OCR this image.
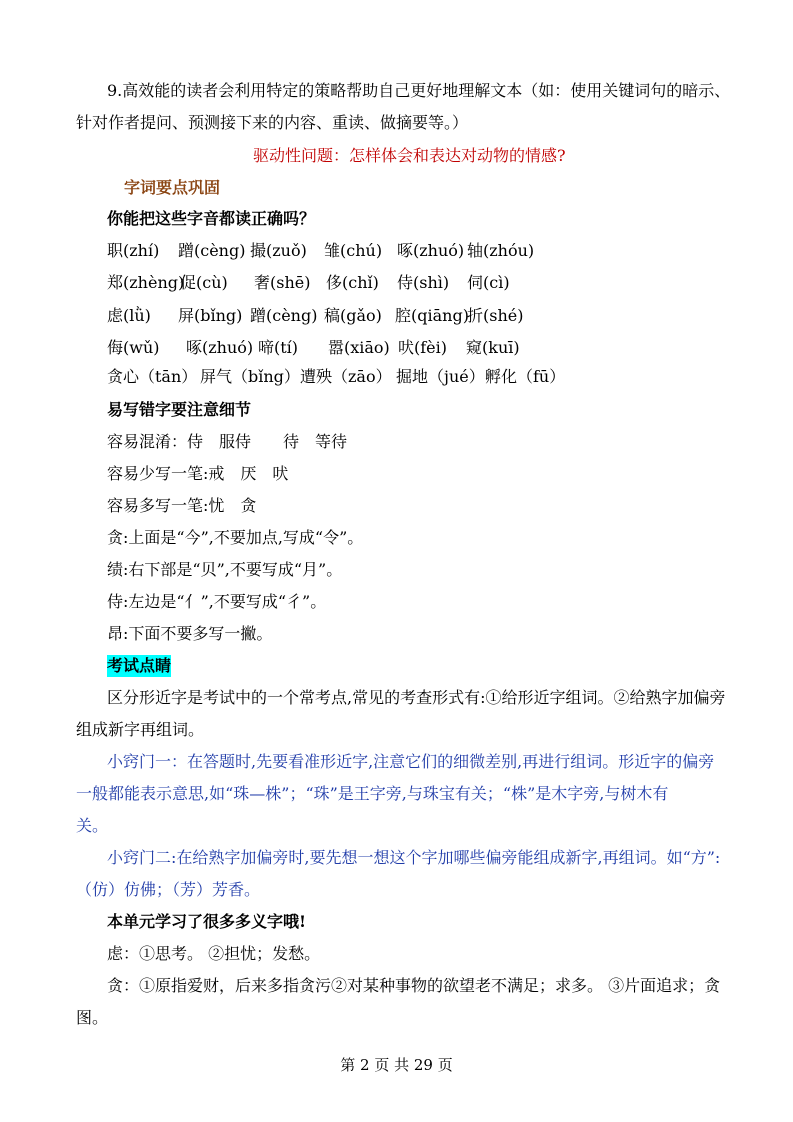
9.高效能的读者会利用特定的策略帮助自己更好地理解文本（如：使用关键词句的暗示、
针对作者提问、预测接下来的内容、重读、做摘要等。）
驱动性问题：怎样体会和表达对动物的情感?
字词要点巩固
你能把这些字音都读正确吗？
职(zhí) 蹭(cèng) 撮(zuǒ) 雏(chú) 啄(zhuó) 轴(zhóu)
郑(zhèng)
促(cù) 奢(shē) 侈(chǐ) 侍(shì) 伺(cì)
虑(lǜ) 屏(bǐng) 蹭(cèng) 稿(gǎo) 腔(qiāng)
折(shé)
侮(wǔ) 啄(zhuó) 啼(tí) 嚣(xiāo) 吠(fèi) 窥(kuī)
贪心（tān） 屏气（bǐng） 遭殃（zāo） 掘地（jué） 孵化（fū）
易写错字要注意细节
容易混淆：侍　服侍　　待　等待
容易少写一笔:戒　厌　吠
容易多写一笔:忧　贪
贪:上面是“今”,不要加点,写成“令”。
绩:右下部是“贝”,不要写成“月”。
侍:左边是“亻”,不要写成“彳”。
昂:下面不要多写一撇。
考试点睛
区分形近字是考试中的一个常考点,常见的考查形式有:①给形近字组词。②给熟字加偏旁
组成新字再组词。
小窍门一：在答题时,先要看准形近字,注意它们的细微差别,再进行组词。形近字的偏旁
一般都能表示意思,如“珠—株”；“珠”是王字旁,与珠宝有关；“株”是木字旁,与树木有
关。
小窍门二:在给熟字加偏旁时,要先想一想这个字加哪些偏旁能组成新字,再组词。如“方”:
（仿）仿佛；（芳）芳香。
本单元学习了很多多义字哦!
虑：①思考。 ②担忧；发愁。
贪：①原指爱财，后来多指贪污②对某种事物的欲望老不满足；求多。 ③片面追求；贪
图。
第 2 页 共 29 页
